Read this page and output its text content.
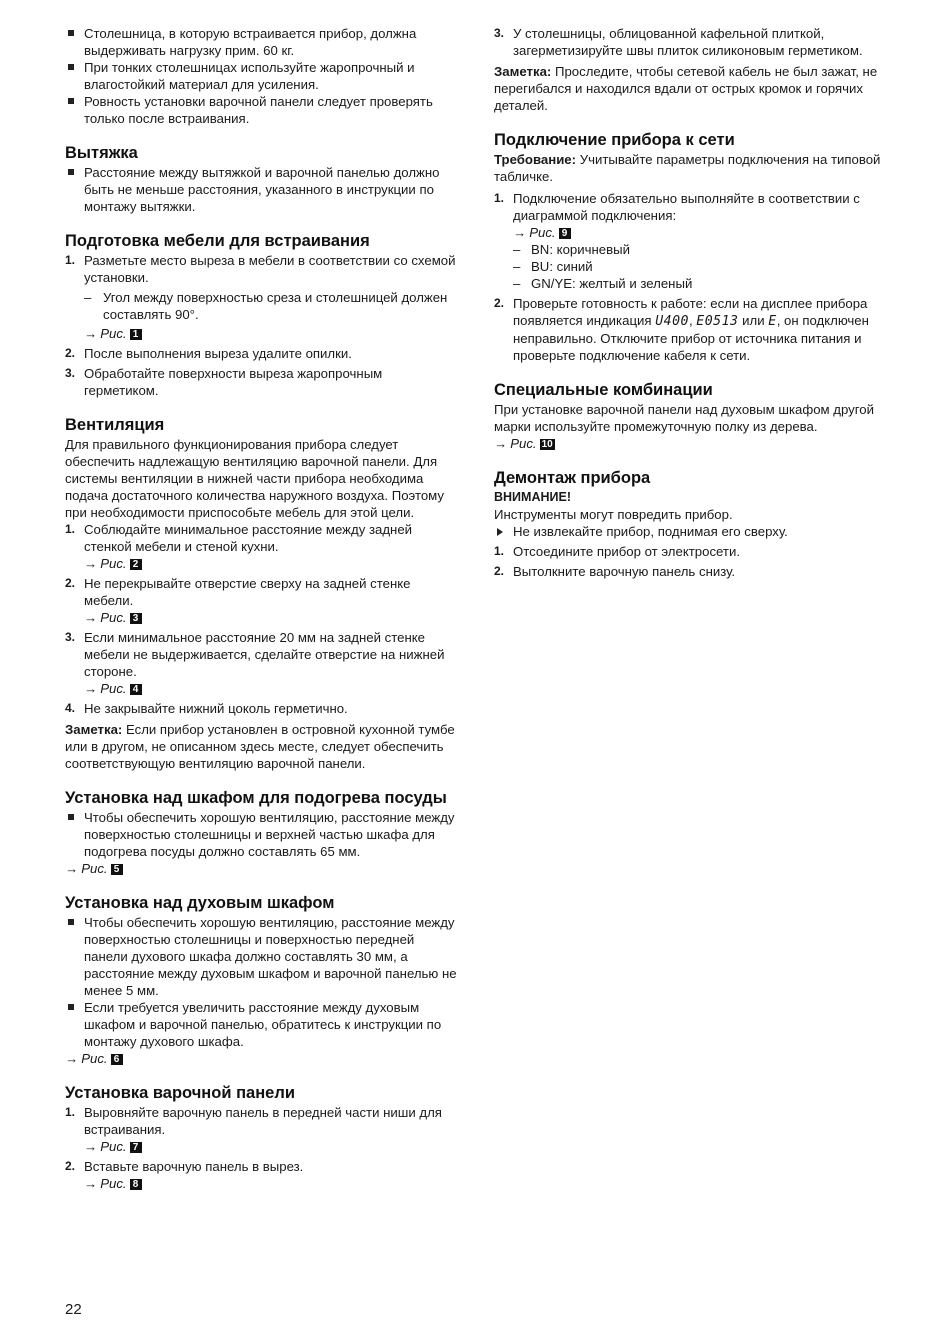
Столешница, в которую встраивается прибор, должна выдерживать нагрузку прим. 60 кг.
При тонких столешницах используйте жаропрочный и влагостойкий материал для усиления.
Ровность установки варочной панели следует проверять только после встраивания.
Вытяжка
Расстояние между вытяжкой и варочной панелью должно быть не меньше расстояния, указанного в инструкции по монтажу вытяжки.
Подготовка мебели для встраивания
1. Разметьте место выреза в мебели в соответствии со схемой установки.
– Угол между поверхностью среза и столешницей должен составлять 90°.
→ Рис. 1
2. После выполнения выреза удалите опилки.
3. Обработайте поверхности выреза жаропрочным герметиком.
Вентиляция

Для правильного функционирования прибора следует обеспечить надлежащую вентиляцию варочной панели. Для системы вентиляции в нижней части прибора необходима подача достаточного количества наружного воздуха. Поэтому при необходимости приспособьте мебель для этой цели.

1. Соблюдайте минимальное расстояние между задней стенкой мебели и стеной кухни.
→ Рис. 2
2. Не перекрывайте отверстие сверху на задней стенке мебели.
→ Рис. 3
3. Если минимальное расстояние 20 мм на задней стенке мебели не выдерживается, сделайте отверстие на нижней стороне.
→ Рис. 4
4. Не закрывайте нижний цоколь герметично.

Заметка: Если прибор установлен в островной кухонной тумбе или в другом, не описанном здесь месте, следует обеспечить соответствующую вентиляцию варочной панели.

Установка над шкафом для подогрева посуды
Чтобы обеспечить хорошую вентиляцию, расстояние между поверхностью столешницы и верхней частью шкафа для подогрева посуды должно составлять 65 мм.
→ Рис. 5
Установка над духовым шкафом
Чтобы обеспечить хорошую вентиляцию, расстояние между поверхностью столешницы и поверхностью передней панели духового шкафа должно составлять 30 мм, а расстояние между духовым шкафом и варочной панелью не менее 5 мм.
Если требуется увеличить расстояние между духовым шкафом и варочной панелью, обратитесь к инструкции по монтажу духового шкафа.
→ Рис. 6
Установка варочной панели
1. Выровняйте варочную панель в передней части ниши для встраивания.
→ Рис. 7
2. Вставьте варочную панель в вырез.
→ Рис. 8
3. У столешницы, облицованной кафельной плиткой, загерметизируйте швы плиток силиконовым герметиком.

Заметка: Проследите, чтобы сетевой кабель не был зажат, не перегибался и находился вдали от острых кромок и горячих деталей.

Подключение прибора к сети

Требование: Учитывайте параметры подключения на типовой табличке.

1. Подключение обязательно выполняйте в соответствии с диаграммой подключения:
→ Рис. 9
– BN: коричневый
– BU: синий
– GN/YE: желтый и зеленый
2. Проверьте готовность к работе: если на дисплее прибора появляется индикация U400, E0513 или E, он подключен неправильно. Отключите прибор от источника питания и проверьте подключение кабеля к сети.
Специальные комбинации

При установке варочной панели над духовым шкафом другой марки используйте промежуточную полку из дерева.

→ Рис. 10
Демонтаж прибора
ВНИМАНИЕ!

Инструменты могут повредить прибор.

Не извлекайте прибор, поднимая его сверху.
1. Отсоедините прибор от электросети.
2. Вытолкните варочную панель снизу.
22
